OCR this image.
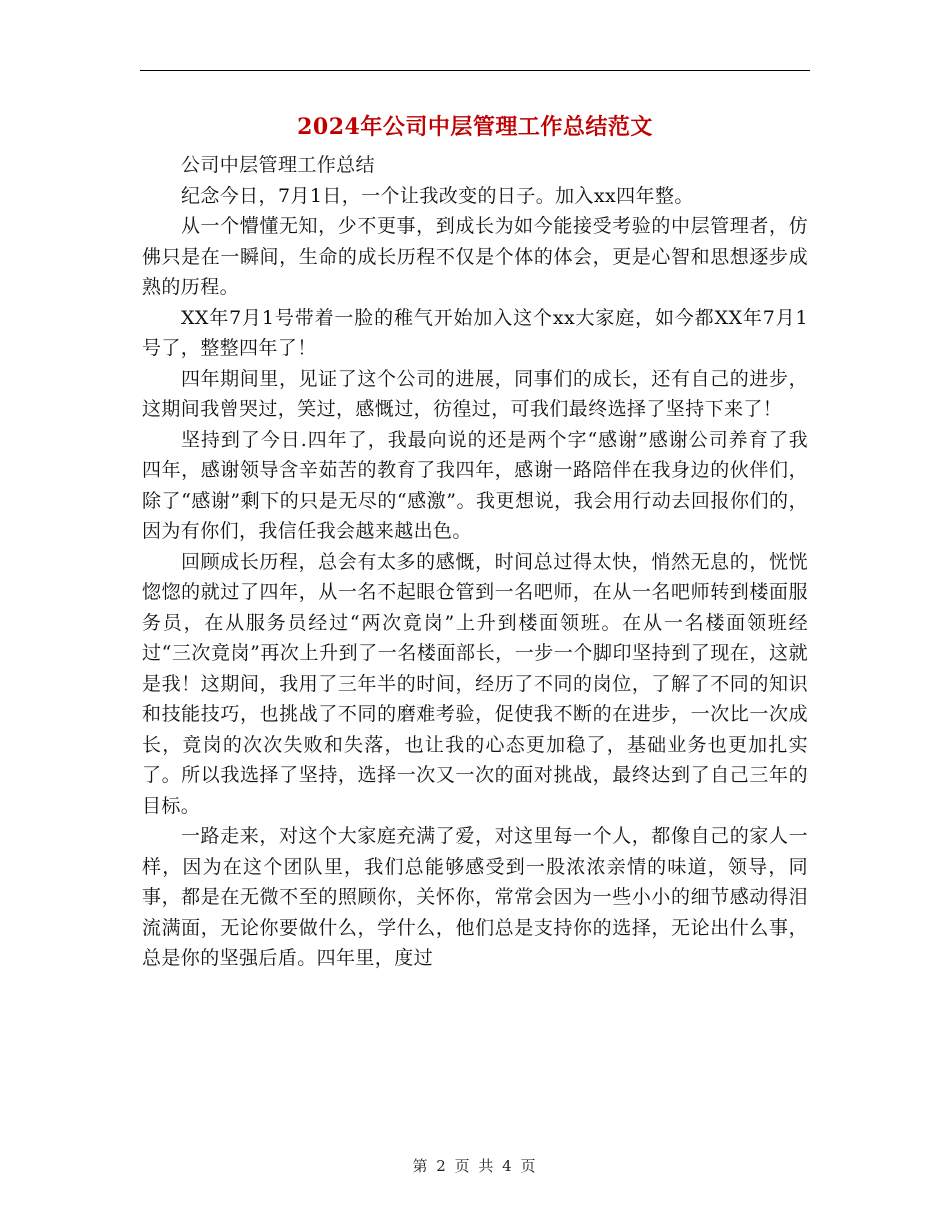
2024年公司中层管理工作总结范文

公司中层管理工作总结

纪念今日，7月1日，一个让我改变的日子。加入xx四年整。

从一个懵懂无知，少不更事，到成长为如今能接受考验的中层管理者，仿佛只是在一瞬间，生命的成长历程不仅是个体的体会，更是心智和思想逐步成熟的历程。

XX年7月1号带着一脸的稚气开始加入这个xx大家庭，如今都XX年7月1号了，整整四年了！

四年期间里，见证了这个公司的进展，同事们的成长，还有自己的进步，这期间我曾哭过，笑过，感慨过，彷徨过，可我们最终选择了坚持下来了！

坚持到了今日.四年了，我最向说的还是两个字“感谢”感谢公司养育了我四年，感谢领导含辛茹苦的教育了我四年，感谢一路陪伴在我身边的伙伴们，除了“感谢”剩下的只是无尽的“感激”。我更想说，我会用行动去回报你们的，因为有你们，我信任我会越来越出色。

回顾成长历程，总会有太多的感慨，时间总过得太快，悄然无息的，恍恍惚惚的就过了四年，从一名不起眼仓管到一名吧师，在从一名吧师转到楼面服务员，在从服务员经过“两次竟岗”上升到楼面领班。在从一名楼面领班经过“三次竟岗”再次上升到了一名楼面部长，一步一个脚印坚持到了现在，这就是我！这期间，我用了三年半的时间，经历了不同的岗位，了解了不同的知识和技能技巧，也挑战了不同的磨难考验，促使我不断的在进步，一次比一次成长，竟岗的次次失败和失落，也让我的心态更加稳了，基础业务也更加扎实了。所以我选择了坚持，选择一次又一次的面对挑战，最终达到了自己三年的目标。

一路走来，对这个大家庭充满了爱，对这里每一个人，都像自己的家人一样，因为在这个团队里，我们总能够感受到一股浓浓亲情的味道，领导，同事，都是在无微不至的照顾你，关怀你，常常会因为一些小小的细节感动得泪流满面，无论你要做什么，学什么，他们总是支持你的选择，无论出什么事，总是你的坚强后盾。四年里，度过

第 2 页 共 4 页
